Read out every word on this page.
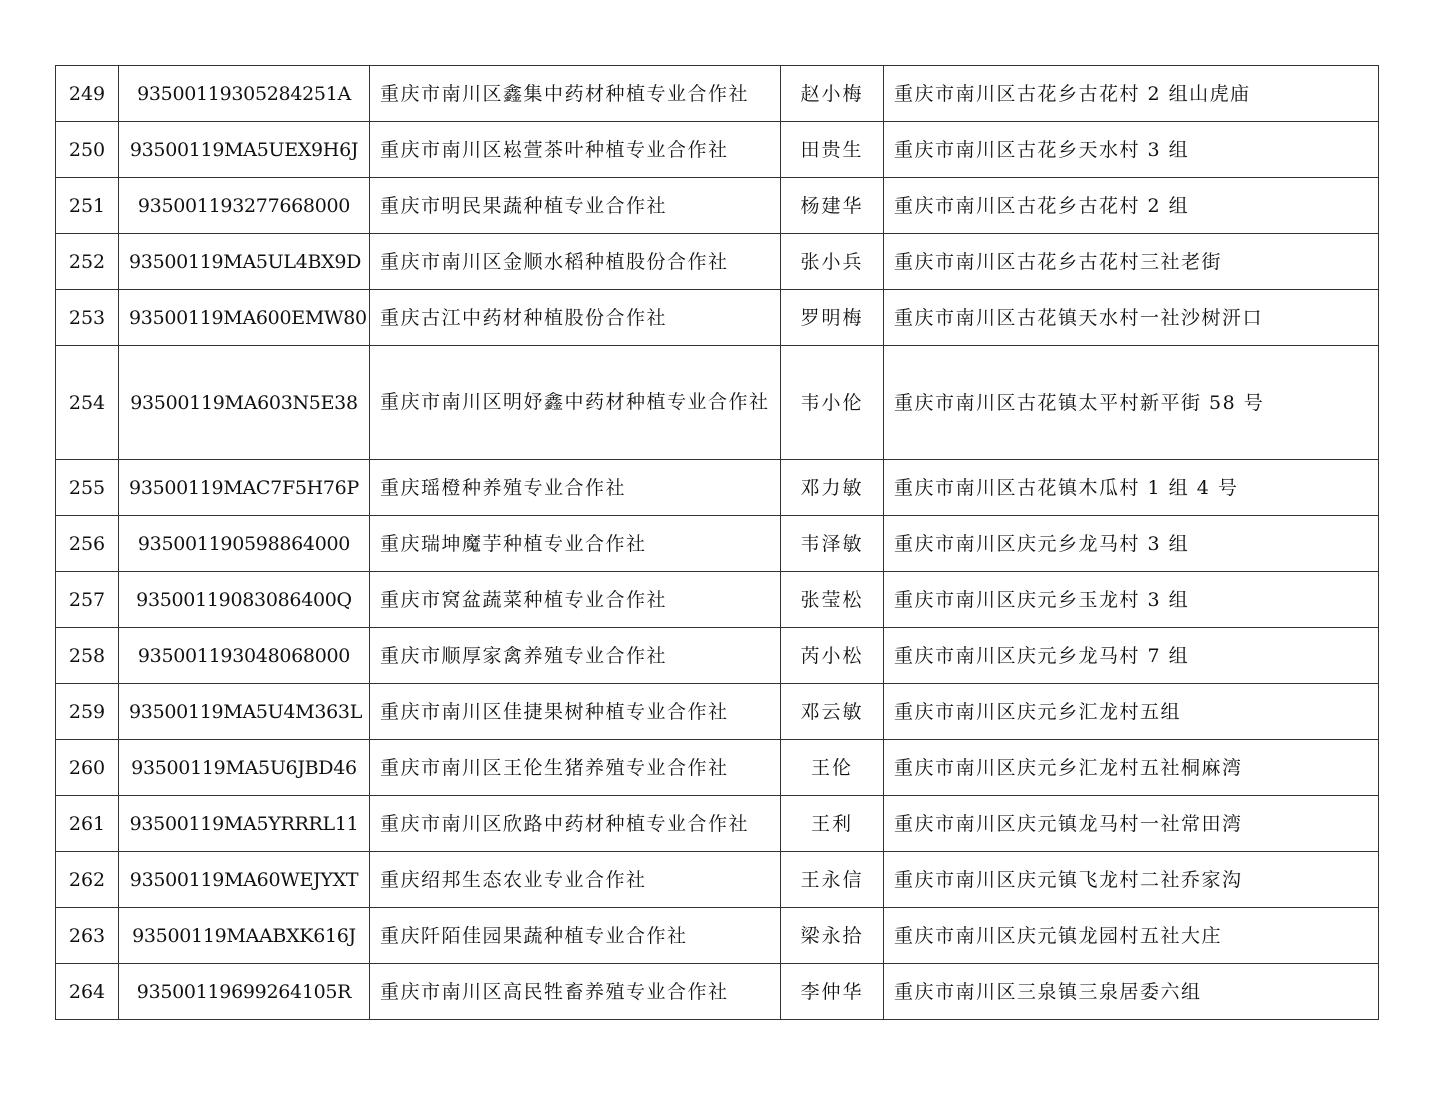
249	93500119305284251A	重庆市南川区鑫集中药材种植专业合作社	赵小梅	重庆市南川区古花乡古花村 2 组山虎庙
250	93500119MA5UEX9H6J	重庆市南川区崧萱茶叶种植专业合作社	田贵生	重庆市南川区古花乡天水村 3 组
251	935001193277668000	重庆市明民果蔬种植专业合作社	杨建华	重庆市南川区古花乡古花村 2 组
252	93500119MA5UL4BX9D	重庆市南川区金顺水稻种植股份合作社	张小兵	重庆市南川区古花乡古花村三社老街
253	93500119MA600EMW80	重庆古江中药材种植股份合作社	罗明梅	重庆市南川区古花镇天水村一社沙树汧口
254	93500119MA603N5E38	重庆市南川区明妤鑫中药材种植专业合作社	韦小伦	重庆市南川区古花镇太平村新平街 58 号
255	93500119MAC7F5H76P	重庆瑶橙种养殖专业合作社	邓力敏	重庆市南川区古花镇木瓜村 1 组 4 号
256	935001190598864000	重庆瑞坤魔芋种植专业合作社	韦泽敏	重庆市南川区庆元乡龙马村 3 组
257	93500119083086400Q	重庆市窝盆蔬菜种植专业合作社	张莹松	重庆市南川区庆元乡玉龙村 3 组
258	935001193048068000	重庆市顺厚家禽养殖专业合作社	芮小松	重庆市南川区庆元乡龙马村 7 组
259	93500119MA5U4M363L	重庆市南川区佳捷果树种植专业合作社	邓云敏	重庆市南川区庆元乡汇龙村五组
260	93500119MA5U6JBD46	重庆市南川区王伦生猪养殖专业合作社	王伦	重庆市南川区庆元乡汇龙村五社桐麻湾
261	93500119MA5YRRRL11	重庆市南川区欣路中药材种植专业合作社	王利	重庆市南川区庆元镇龙马村一社常田湾
262	93500119MA60WEJYXT	重庆绍邦生态农业专业合作社	王永信	重庆市南川区庆元镇飞龙村二社乔家沟
263	93500119MAABXK616J	重庆阡陌佳园果蔬种植专业合作社	梁永拾	重庆市南川区庆元镇龙园村五社大庄
264	93500119699264105R	重庆市南川区高民牲畜养殖专业合作社	李仲华	重庆市南川区三泉镇三泉居委六组
